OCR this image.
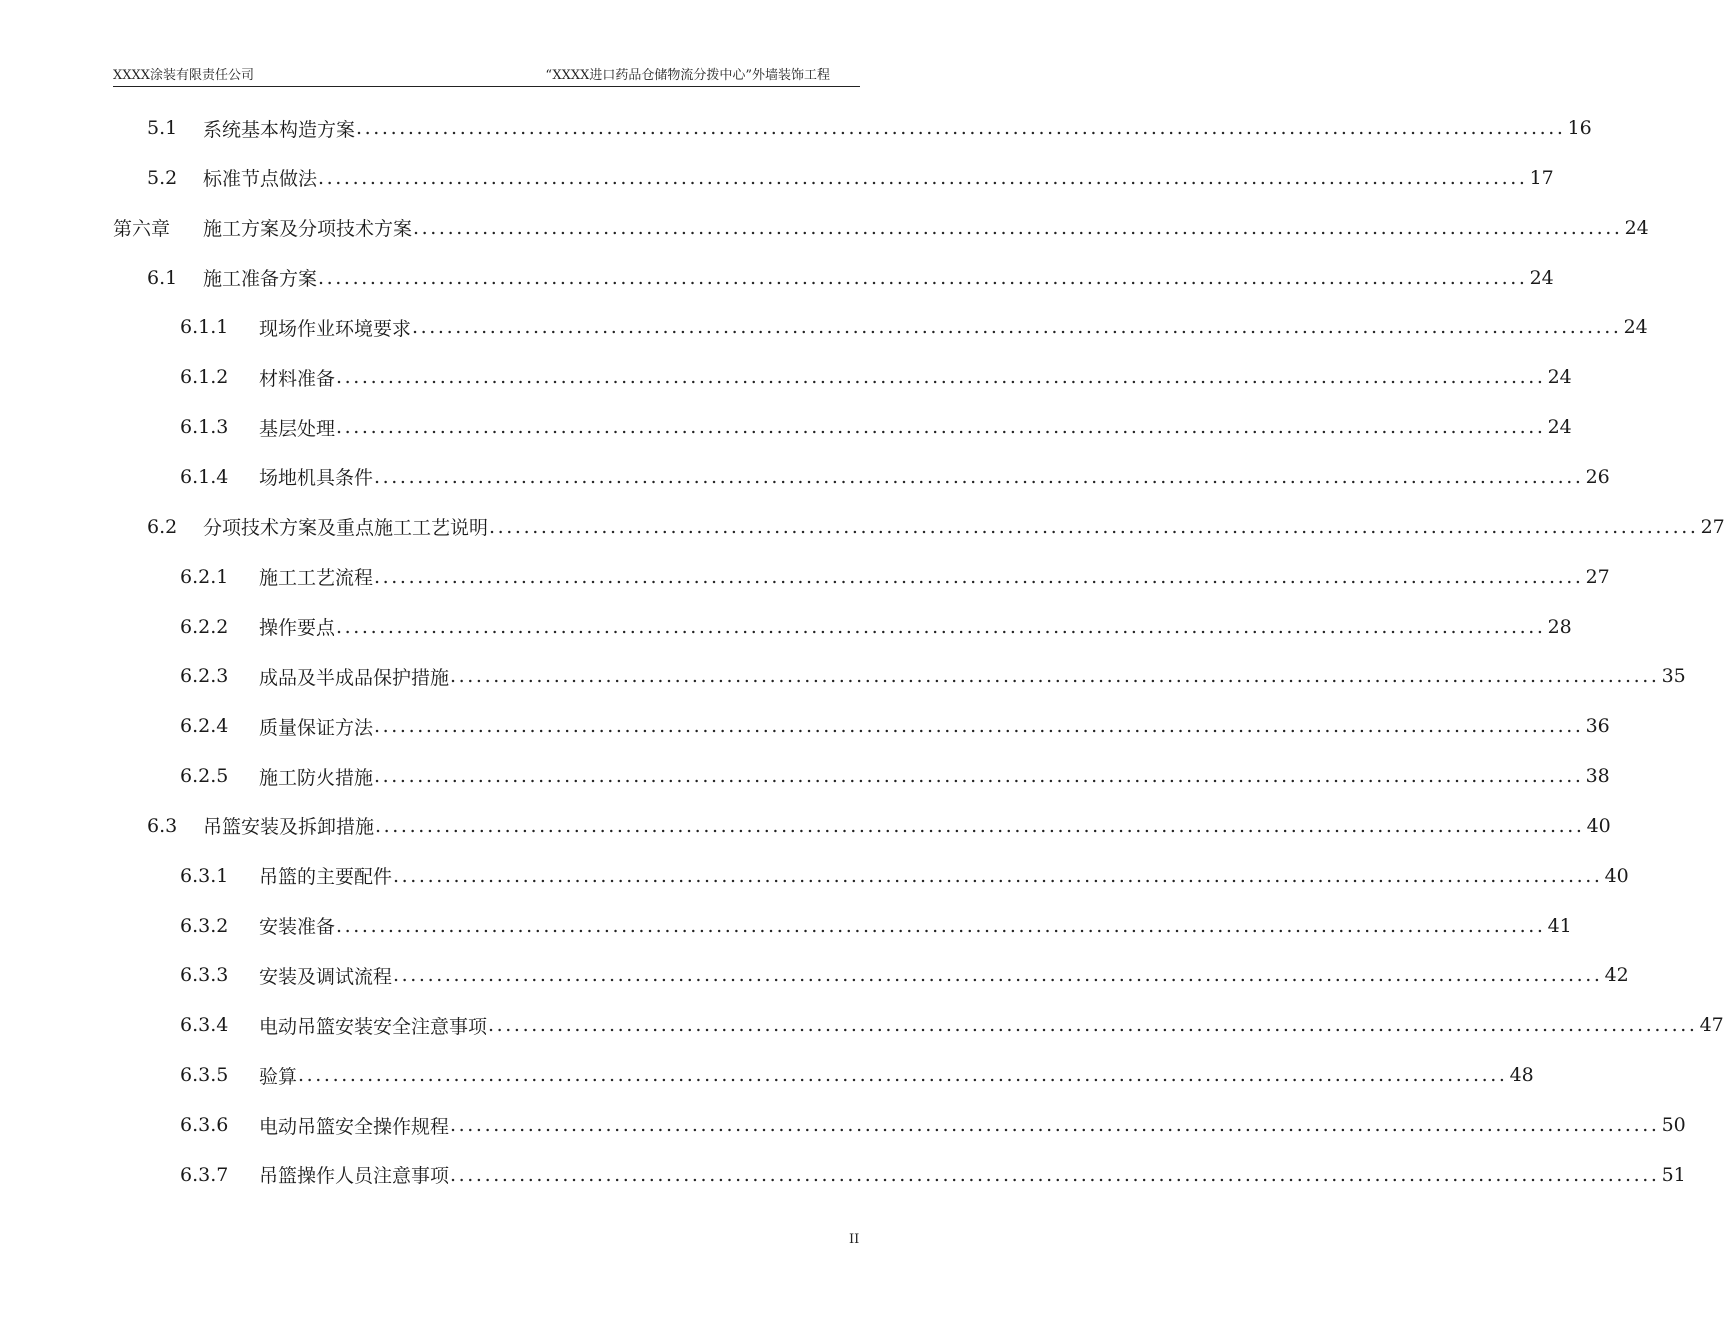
XXXX涂装有限责任公司	“XXXX进口药品仓储物流分拨中心”外墙装饰工程
5.1	系统基本构造方案 ............................................................................................................................................ 16
5.2	标准节点做法 ............................................................................................................................................ 17
第六章	施工方案及分项技术方案 ............................................................................................................................................ 24
6.1	施工准备方案 ............................................................................................................................................ 24
6.1.1	现场作业环境要求 ............................................................................................................................................ 24
6.1.2	材料准备 ............................................................................................................................................ 24
6.1.3	基层处理 ............................................................................................................................................ 24
6.1.4	场地机具条件 ............................................................................................................................................ 26
6.2	分项技术方案及重点施工工艺说明 ............................................................................................................................................ 27
6.2.1	施工工艺流程 ............................................................................................................................................ 27
6.2.2	操作要点 ............................................................................................................................................ 28
6.2.3	成品及半成品保护措施 ............................................................................................................................................ 35
6.2.4	质量保证方法 ............................................................................................................................................ 36
6.2.5	施工防火措施 ............................................................................................................................................ 38
6.3	吊篮安装及拆卸措施 ............................................................................................................................................ 40
6.3.1	吊篮的主要配件 ............................................................................................................................................ 40
6.3.2	安装准备 ............................................................................................................................................ 41
6.3.3	安装及调试流程 ............................................................................................................................................ 42
6.3.4	电动吊篮安装安全注意事项 ............................................................................................................................................ 47
6.3.5	验算 ............................................................................................................................................ 48
6.3.6	电动吊篮安全操作规程 ............................................................................................................................................ 50
6.3.7	吊篮操作人员注意事项 ............................................................................................................................................ 51
II
